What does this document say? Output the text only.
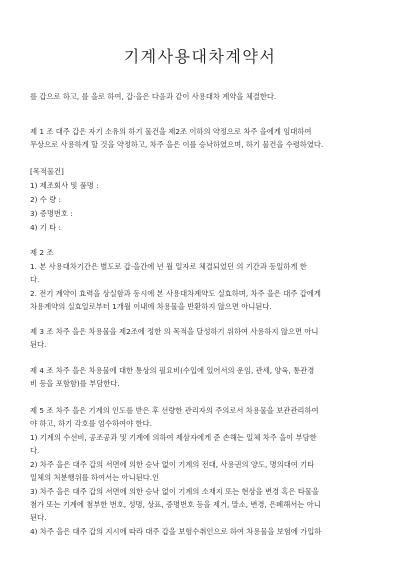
기계사용대차계약서
를 갑으로 하고, 를 을로 하여, 갑·을은 다음과 같이 사용대차 계약을 체결한다.
제 1 조 대주 갑은 자기 소유의 하기 물건을 제2조 이하의 약정으로 차주 을에게 임대하여
무상으로 사용하게 할 것을 약정하고, 차주 을은 이를 승낙하였으며, 하기 물건을 수령하였다.
[목적물건]
1) 제조회사 및 품명 :
2) 수 량 :
3) 증명번호 :
4) 기 타 :
제 2 조
1. 본 사용대차기간은 별도로 갑·을간에 년 월 일자로 체결되었던 의 기간과 동일하게 한
다.
2. 전기 계약이 효력을 상실함과 동시에 본 사용대차계약도 실효하며, 차주 을은 대주 갑에게
차용계약의 실효일로부터 1개월 이내에 차용물을 반환하지 않으면 아니된다.
제 3 조 차주 을은 차용물을 제2조에 정한 의 목적을 달성하기 위하여 사용하지 않으면 아니
된다.
제 4 조 차주 을은 차용물에 대한 통상의 필요비(수입에 있어서의 운임, 관세, 양육, 통관경
비 등을 포함함)를 부담한다.
제 5 조 차주 을은 기계의 인도를 받은 후 선량한 관리자의 주의로서 차용물을 보관관리하여
야 하고, 하기 각호를 엄수하여야 한다.
1) 기계의 수선비, 공조공과 및 기계에 의하여 제삼자에게 준 손해는 일체 차주 을이 부담한
다.
2) 차주 을은 대주 갑의 서면에 의한 승낙 없이 기계의 전대, 사용권의 양도, 명의대여 기타
일체의 처분행위를 하여서는 아니된다.인
3) 차주 을은 대주 갑의 서면에 의한 승낙 없이 기계의 소재지 또는 현상을 변경 혹은 타물을
첨가 또는 기계에 첨부한 번호, 성명, 상표, 증명번호 등을 제거, 말소, 변경, 은폐해서는 아니
된다.
4) 차주 을은 대주 갑의 지시에 따라 대주 갑을 보험수취인으로 하여 차용물을 보험에 가입하
